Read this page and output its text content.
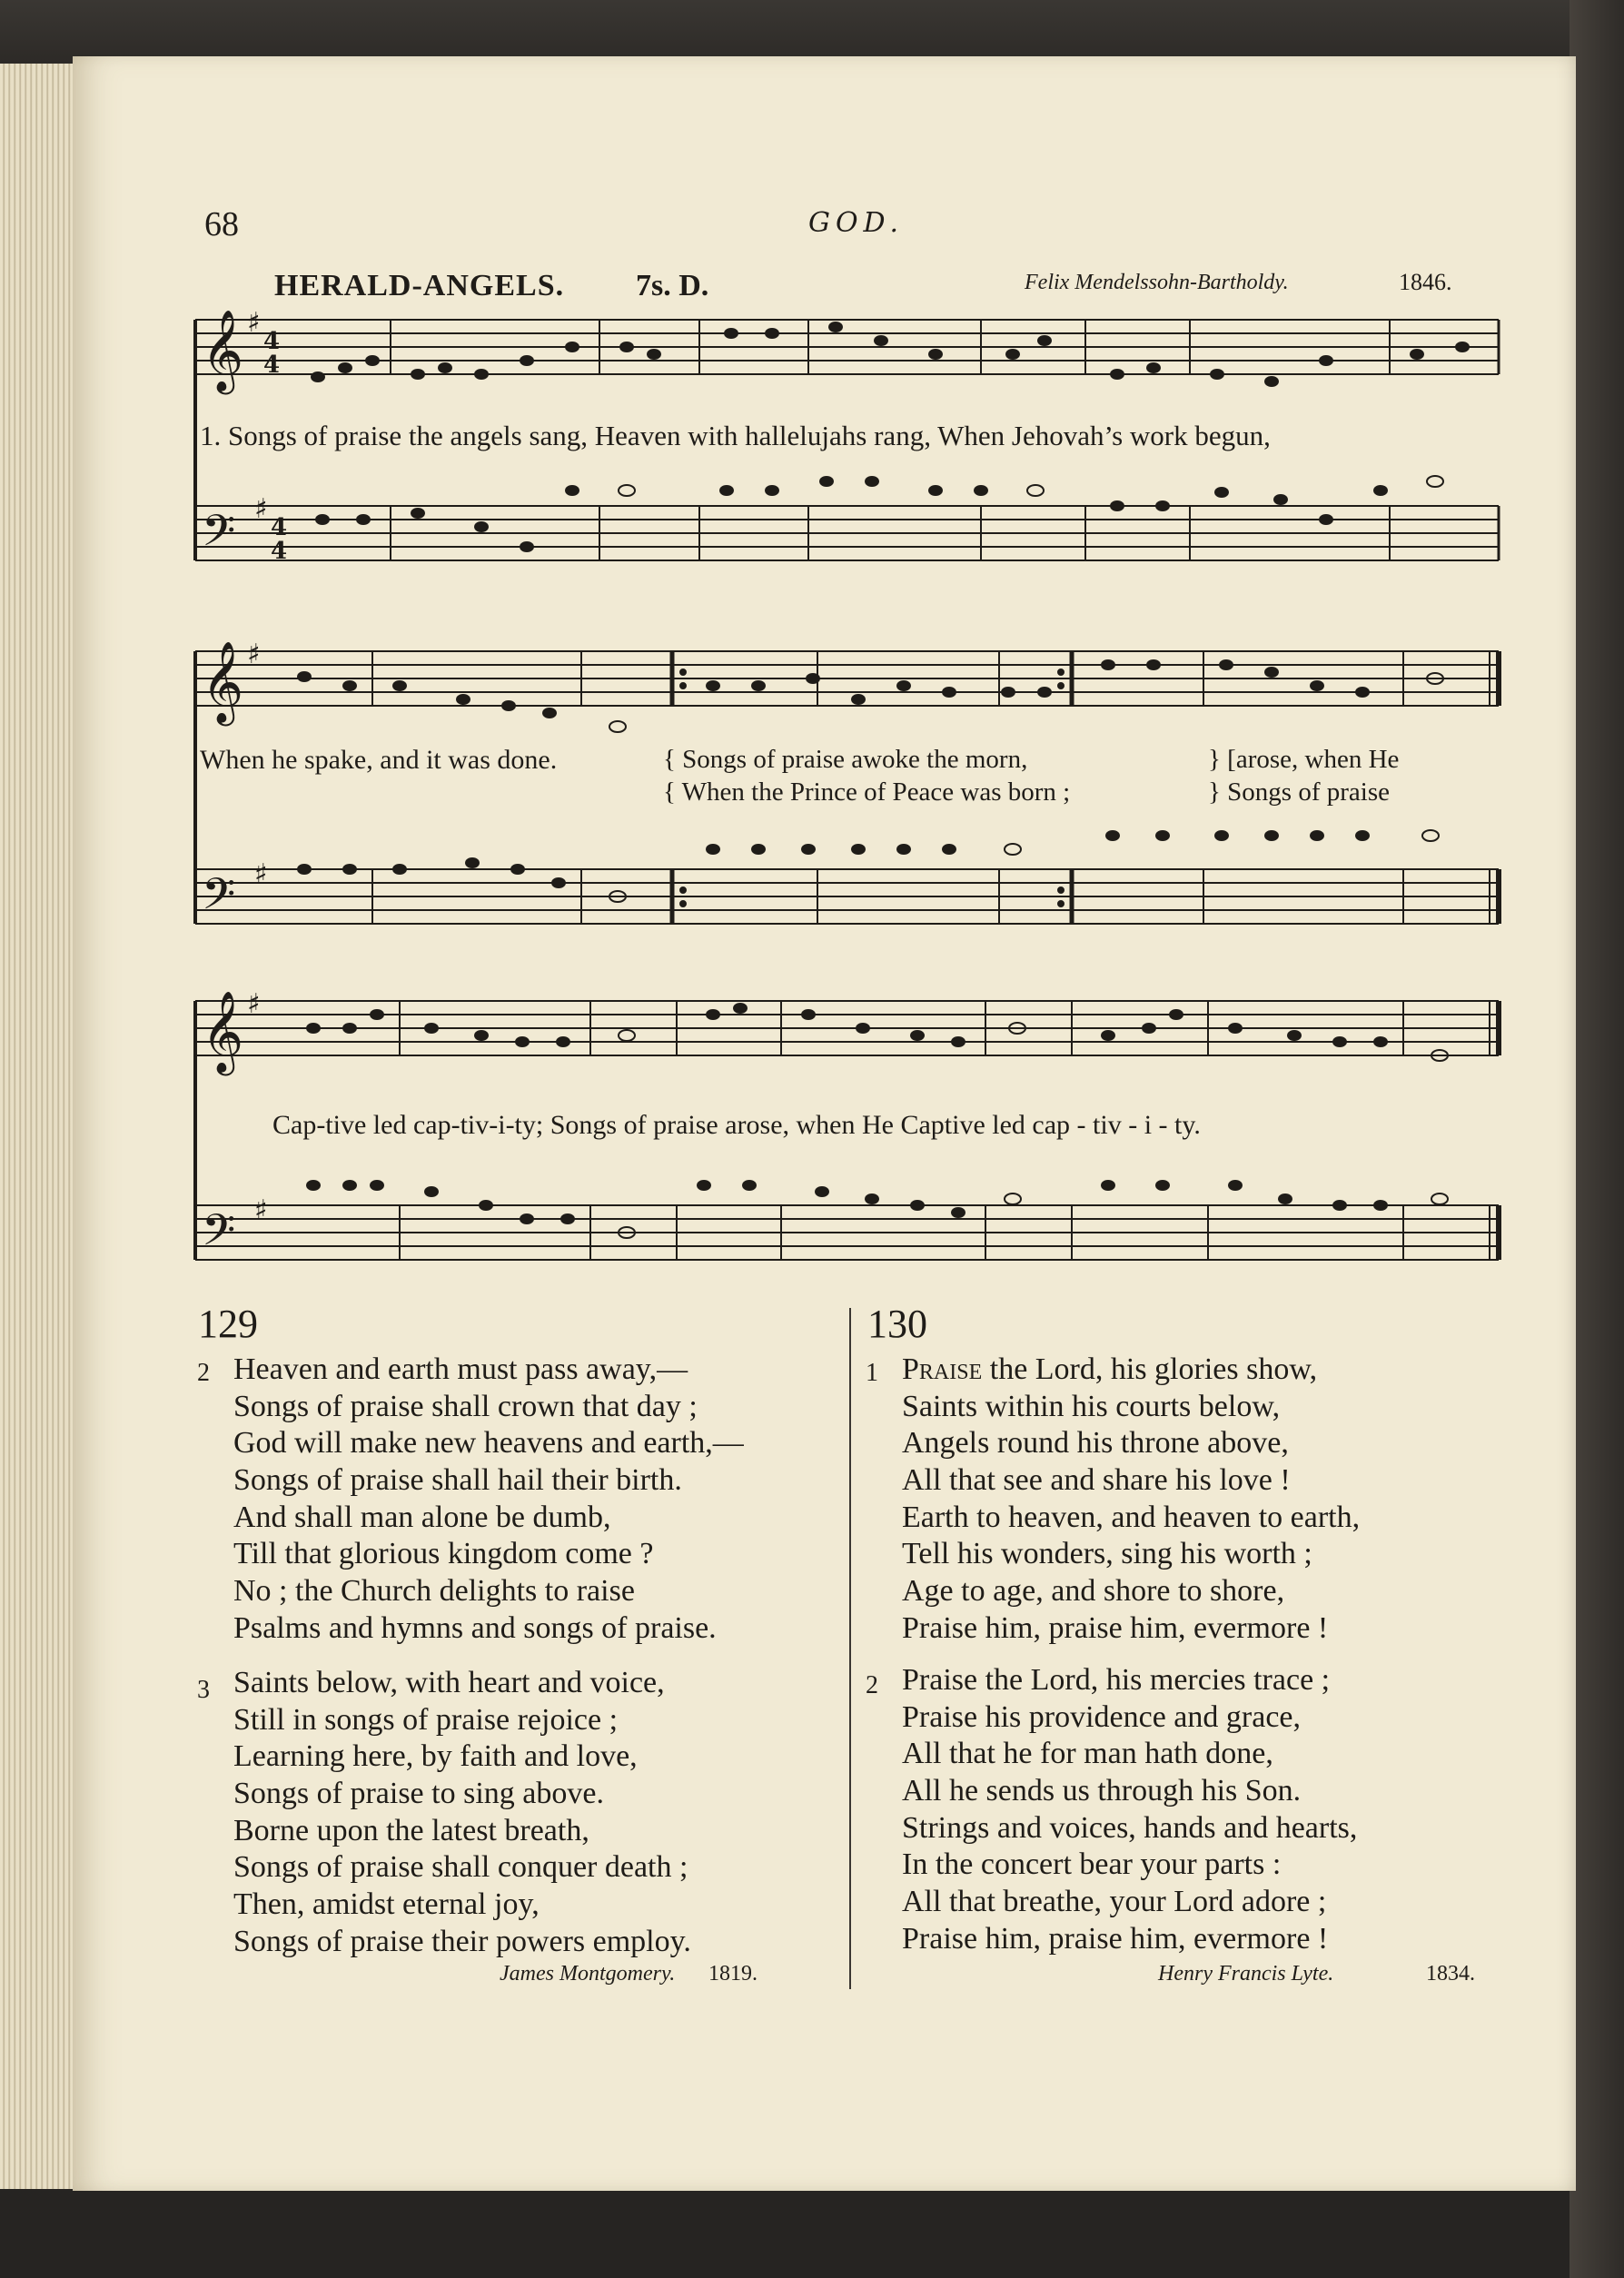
68	GOD.
HERALD-ANGELS. 7s. D.	Felix Mendelssohn-Bartholdy.	1846.
𝄞
𝄢
𝄞
𝄢
𝄞
𝄢
♯
♯
♯
♯
♯
♯
4
4
4
4
1. Songs of praise the angels sang, Heaven with hallelujahs rang, When Jehovah’s work begun,
When he spake, and it was done.	{ Songs of praise awoke the morn,
{ When the Prince of Peace was born ;
} [arose, when He
} Songs of praise
Cap-tive led cap-tiv-i-ty; Songs of praise arose, when He Captive led cap - tiv - i - ty.
129
2 Heaven and earth must pass away,—
Songs of praise shall crown that day ;
God will make new heavens and earth,—
Songs of praise shall hail their birth.
And shall man alone be dumb,
Till that glorious kingdom come ?
No ; the Church delights to raise
Psalms and hymns and songs of praise.
3 Saints below, with heart and voice,
Still in songs of praise rejoice ;
Learning here, by faith and love,
Songs of praise to sing above.
Borne upon the latest breath,
Songs of praise shall conquer death ;
Then, amidst eternal joy,
Songs of praise their powers employ.
James Montgomery. 1819.
130
1 Praise the Lord, his glories show,
Saints within his courts below,
Angels round his throne above,
All that see and share his love !
Earth to heaven, and heaven to earth,
Tell his wonders, sing his worth ;
Age to age, and shore to shore,
Praise him, praise him, evermore !
2 Praise the Lord, his mercies trace ;
Praise his providence and grace,
All that he for man hath done,
All he sends us through his Son.
Strings and voices, hands and hearts,
In the concert bear your parts :
All that breathe, your Lord adore ;
Praise him, praise him, evermore !
Henry Francis Lyte.	1834.
